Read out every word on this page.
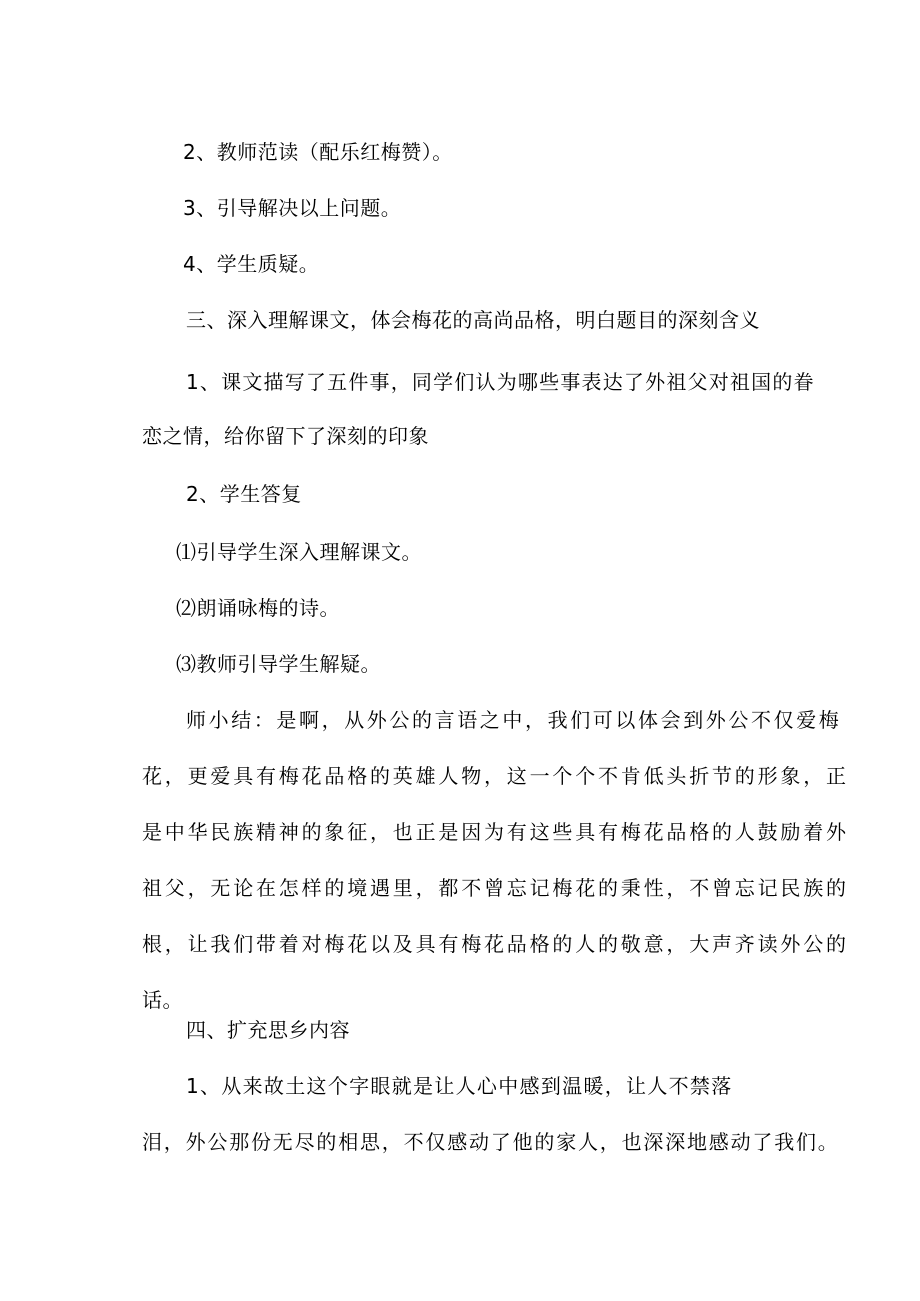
2、教师范读（配乐红梅赞）。
3、引导解决以上问题。
4、学生质疑。
三、深入理解课文，体会梅花的高尚品格，明白题目的深刻含义
1、课文描写了五件事，同学们认为哪些事表达了外祖父对祖国的眷
恋之情，给你留下了深刻的印象
2、学生答复
⑴引导学生深入理解课文。
⑵朗诵咏梅的诗。
⑶教师引导学生解疑。
师小结：是啊，从外公的言语之中，我们可以体会到外公不仅爱梅
花，更爱具有梅花品格的英雄人物，这一个个不肯低头折节的形象，正
是中华民族精神的象征，也正是因为有这些具有梅花品格的人鼓励着外
祖父，无论在怎样的境遇里，都不曾忘记梅花的秉性，不曾忘记民族的
根，让我们带着对梅花以及具有梅花品格的人的敬意，大声齐读外公的
话。
四、扩充思乡内容
1、从来故土这个字眼就是让人心中感到温暖，让人不禁落
泪，外公那份无尽的相思，不仅感动了他的家人，也深深地感动了我们。
